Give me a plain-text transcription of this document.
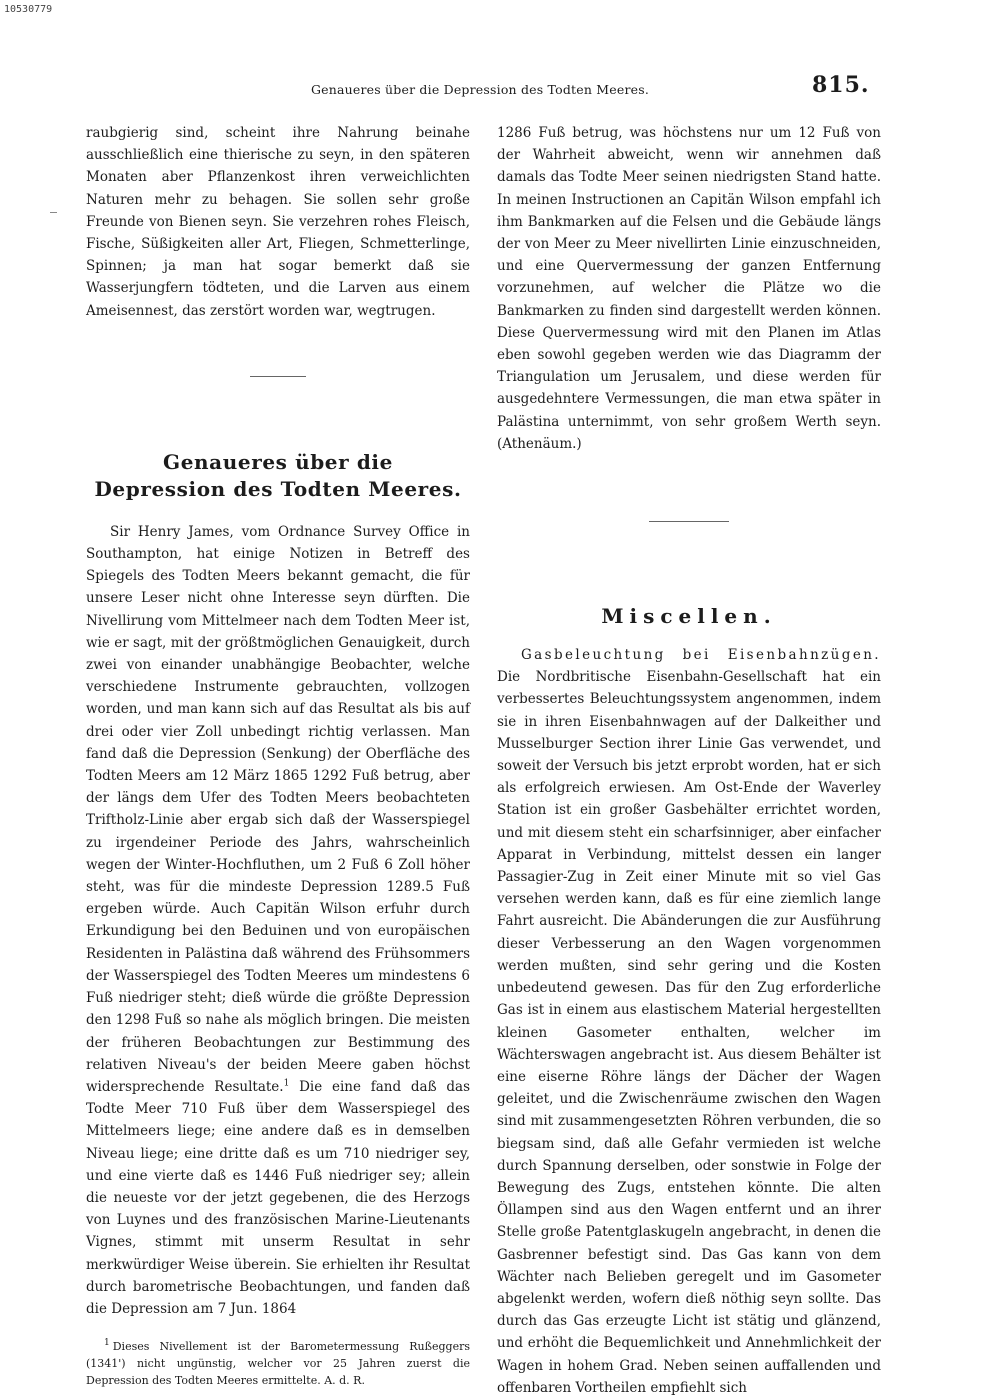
10530779
Genaueres über die Depression des Todten Meeres.	815.

raubgierig sind, scheint ihre Nahrung beinahe ausschließlich eine thierische zu seyn, in den späteren Monaten aber Pflanzenkost ihren verweichlichten Naturen mehr zu behagen. Sie sollen sehr große Freunde von Bienen seyn. Sie verzehren rohes Fleisch, Fische, Süßigkeiten aller Art, Fliegen, Schmetterlinge, Spinnen; ja man hat sogar bemerkt daß sie Wasserjungfern tödteten, und die Larven aus einem Ameisennest, das zerstört worden war, wegtrugen.

Genaueres über die Depression des Todten Meeres.

Sir Henry James, vom Ordnance Survey Office in Southampton, hat einige Notizen in Betreff des Spiegels des Todten Meers bekannt gemacht, die für unsere Leser nicht ohne Interesse seyn dürften. Die Nivellirung vom Mittelmeer nach dem Todten Meer ist, wie er sagt, mit der größtmöglichen Genauigkeit, durch zwei von einander unabhängige Beobachter, welche verschiedene Instrumente gebrauchten, vollzogen worden, und man kann sich auf das Resultat als bis auf drei oder vier Zoll unbedingt richtig verlassen. Man fand daß die Depression (Senkung) der Oberfläche des Todten Meers am 12 März 1865 1292 Fuß betrug, aber der längs dem Ufer des Todten Meers beobachteten Triftholz-Linie aber ergab sich daß der Wasserspiegel zu irgendeiner Periode des Jahrs, wahrscheinlich wegen der Winter-Hochfluthen, um 2 Fuß 6 Zoll höher steht, was für die mindeste Depression 1289.5 Fuß ergeben würde. Auch Capitän Wilson erfuhr durch Erkundigung bei den Beduinen und von europäischen Residenten in Palästina daß während des Frühsommers der Wasserspiegel des Todten Meeres um mindestens 6 Fuß niedriger steht; dieß würde die größte Depression den 1298 Fuß so nahe als möglich bringen. Die meisten der früheren Beobachtungen zur Bestimmung des relativen Niveau's der beiden Meere gaben höchst widersprechende Resultate.$^1$ Die eine fand daß das Todte Meer 710 Fuß über dem Wasserspiegel des Mittelmeers liege; eine andere daß es in demselben Niveau liege; eine dritte daß es um 710 niedriger sey, und eine vierte daß es 1446 Fuß niedriger sey; allein die neueste vor der jetzt gegebenen, die des Herzogs von Luynes und des französischen Marine-Lieutenants Vignes, stimmt mit unserm Resultat in sehr merkwürdiger Weise überein. Sie erhielten ihr Resultat durch barometrische Beobachtungen, und fanden daß die Depression am 7 Jun. 1864

$^1$ Dieses Nivellement ist der Barometermessung Rußeggers (1341') nicht ungünstig, welcher vor 25 Jahren zuerst die Depression des Todten Meeres ermittelte. A. d. R.

1286 Fuß betrug, was höchstens nur um 12 Fuß von der Wahrheit abweicht, wenn wir annehmen daß damals das Todte Meer seinen niedrigsten Stand hatte. In meinen Instructionen an Capitän Wilson empfahl ich ihm Bankmarken auf die Felsen und die Gebäude längs der von Meer zu Meer nivellirten Linie einzuschneiden, und eine Quervermessung der ganzen Entfernung vorzunehmen, auf welcher die Plätze wo die Bankmarken zu finden sind dargestellt werden können. Diese Quervermessung wird mit den Planen im Atlas eben sowohl gegeben werden wie das Diagramm der Triangulation um Jerusalem, und diese werden für ausgedehntere Vermessungen, die man etwa später in Palästina unternimmt, von sehr großem Werth seyn. (Athenäum.)

Miscellen.

Gasbeleuchtung bei Eisenbahnzügen. Die Nordbritische Eisenbahn-Gesellschaft hat ein verbessertes Beleuchtungssystem angenommen, indem sie in ihren Eisenbahnwagen auf der Dalkeither und Musselburger Section ihrer Linie Gas verwendet, und soweit der Versuch bis jetzt erprobt worden, hat er sich als erfolgreich erwiesen. Am Ost-Ende der Waverley Station ist ein großer Gasbehälter errichtet worden, und mit diesem steht ein scharfsinniger, aber einfacher Apparat in Verbindung, mittelst dessen ein langer Passagier-Zug in Zeit einer Minute mit so viel Gas versehen werden kann, daß es für eine ziemlich lange Fahrt ausreicht. Die Abänderungen die zur Ausführung dieser Verbesserung an den Wagen vorgenommen werden mußten, sind sehr gering und die Kosten unbedeutend gewesen. Das für den Zug erforderliche Gas ist in einem aus elastischem Material hergestellten kleinen Gasometer enthalten, welcher im Wächterswagen angebracht ist. Aus diesem Behälter ist eine eiserne Röhre längs der Dächer der Wagen geleitet, und die Zwischenräume zwischen den Wagen sind mit zusammengesetzten Röhren verbunden, die so biegsam sind, daß alle Gefahr vermieden ist welche durch Spannung derselben, oder sonstwie in Folge der Bewegung des Zugs, entstehen könnte. Die alten Öllampen sind aus den Wagen entfernt und an ihrer Stelle große Patentglaskugeln angebracht, in denen die Gasbrenner befestigt sind. Das Gas kann von dem Wächter nach Belieben geregelt und im Gasometer abgelenkt werden, wofern dieß nöthig seyn sollte. Das durch das Gas erzeugte Licht ist stätig und glänzend, und erhöht die Bequemlichkeit und Annehmlichkeit der Wagen in hohem Grad. Neben seinen auffallenden und offenbaren Vortheilen empfiehlt sich
